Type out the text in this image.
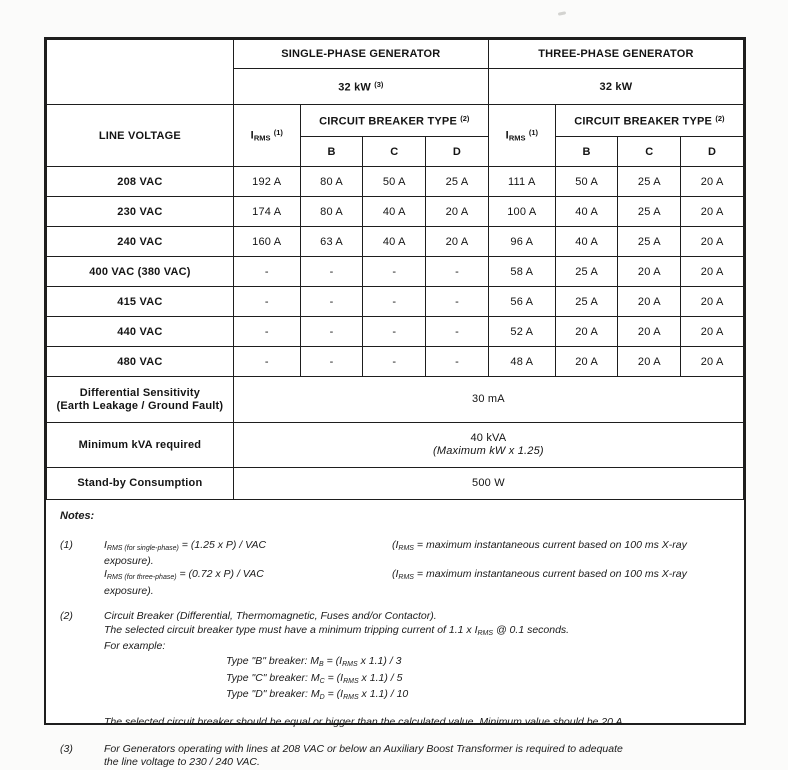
	SINGLE-PHASE GENERATOR				THREE-PHASE GENERATOR			
	32 kW $^{(3)}$				32 kW			
LINE VOLTAGE	$I_{RMS}$ $^{(1)}$	CIRCUIT BREAKER TYPE $^{(2)}$			$I_{RMS}$ $^{(1)}$	CIRCUIT BREAKER TYPE $^{(2)}$
		B	C	D		B	C	D
208 VAC	192 A	80 A	50 A	25 A	111 A	50 A	25 A	20 A
230 VAC	174 A	80 A	40 A	20 A	100 A	40 A	25 A	20 A
240 VAC	160 A	63 A	40 A	20 A	96 A	40 A	25 A	20 A
400 VAC (380 VAC)	-	-	-	-	58 A	25 A	20 A	20 A
415 VAC	-	-	-	-	56 A	25 A	20 A	20 A
440 VAC	-	-	-	-	52 A	20 A	20 A	20 A
480 VAC	-	-	-	-	48 A	20 A	20 A	20 A

Differential Sensitivity
(Earth Leakage / Ground Fault)	30 mA							

Minimum kVA required	40 kVA
(Maximum kW x 1.25)							

Stand-by Consumption	500 W							
Notes:
(1)	$I_{RMS (for single-phase)} = (1.25$ x P) / VAC	($I_{RMS}$ = maximum instantaneous current based on 100 ms X-ray exposure).
$I_{RMS (for three-phase)} = (0.72$ x P) / VAC	($I_{RMS}$ = maximum instantaneous current based on 100 ms X-ray exposure).
(2)	Circuit Breaker (Differential, Thermomagnetic, Fuses and/or Contactor).
The selected circuit breaker type must have a minimum tripping current of 1.1 x $I_{RMS}$ @ 0.1 seconds.
For example:
Type "B" breaker: $M_B = (I_{RMS}$ x 1.1) / 3
Type "C" breaker: $M_C = (I_{RMS}$ x 1.1) / 5
Type "D" breaker: $M_D = (I_{RMS}$ x 1.1) / 10
The selected circuit breaker should be equal or bigger than the calculated value. Minimum value should be 20 A.
(3)	For Generators operating with lines at 208 VAC or below an Auxiliary Boost Transformer is required to adequate
the line voltage to 230 / 240 VAC.
